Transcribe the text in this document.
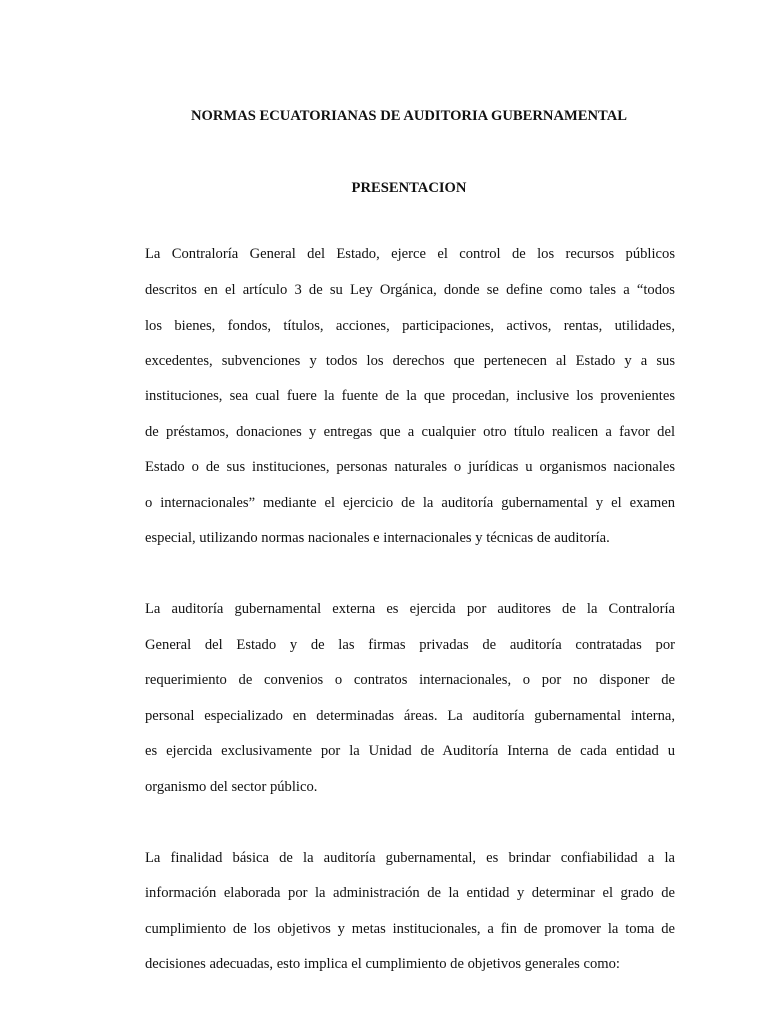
NORMAS ECUATORIANAS DE AUDITORIA GUBERNAMENTAL
PRESENTACION
La Contraloría General del Estado, ejerce el control de los recursos públicos
descritos en el artículo 3 de su Ley Orgánica, donde se define como tales a “todos
los bienes, fondos, títulos, acciones, participaciones, activos, rentas, utilidades,
excedentes, subvenciones y todos los derechos que pertenecen al Estado y a sus
instituciones, sea cual fuere la fuente de la que procedan, inclusive los provenientes
de préstamos, donaciones y entregas que a cualquier otro título realicen a favor del
Estado o de sus instituciones, personas naturales o jurídicas u organismos nacionales
o internacionales” mediante el ejercicio de la auditoría gubernamental y el examen
especial, utilizando normas nacionales e internacionales y técnicas de auditoría.
La auditoría gubernamental externa es ejercida por auditores de la Contraloría
General del Estado y de las firmas privadas de auditoría contratadas por
requerimiento de convenios o contratos internacionales, o por no disponer de
personal especializado en determinadas áreas. La auditoría gubernamental interna,
es ejercida exclusivamente por la Unidad de Auditoría Interna de cada entidad u
organismo del sector público.
La finalidad básica de la auditoría gubernamental, es brindar confiabilidad a la
información elaborada por la administración de la entidad y determinar el grado de
cumplimiento de los objetivos y metas institucionales, a fin de promover la toma de
decisiones adecuadas, esto implica el cumplimiento de objetivos generales como:
